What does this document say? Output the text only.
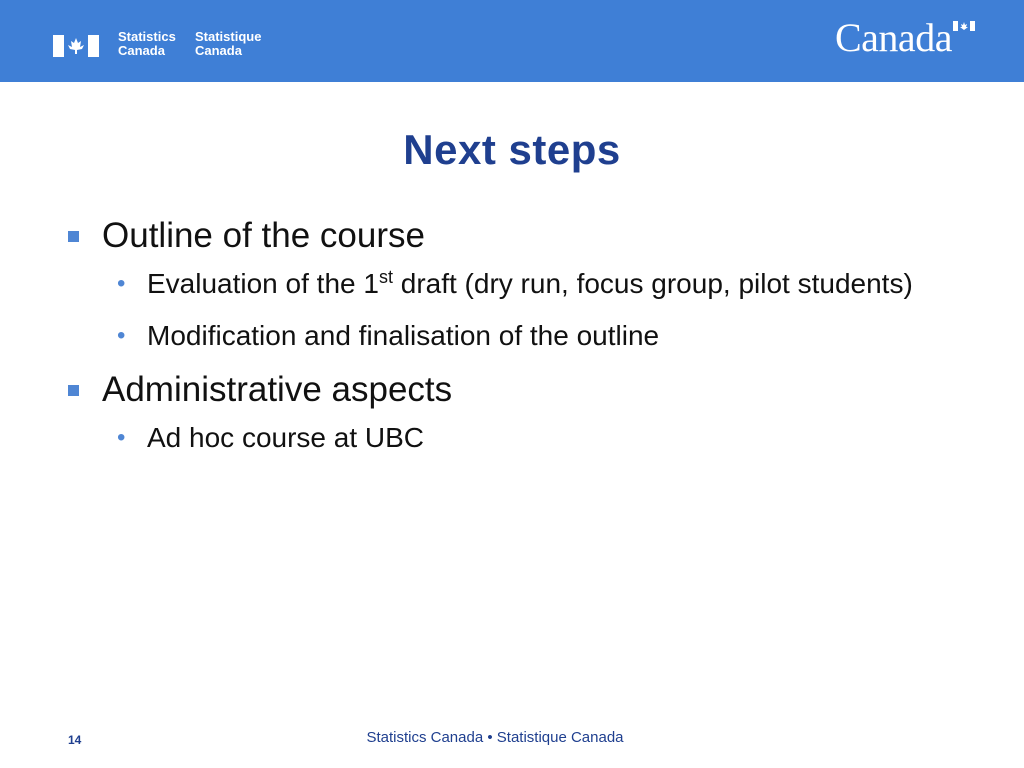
Statistics
Canada
Statistique
Canada	Canada
Next steps
Outline of the course
• Evaluation of the 1st draft (dry run, focus group, pilot students)
• Modification and finalisation of the outline
Administrative aspects
• Ad hoc course at UBC
14	Statistics Canada • Statistique Canada
